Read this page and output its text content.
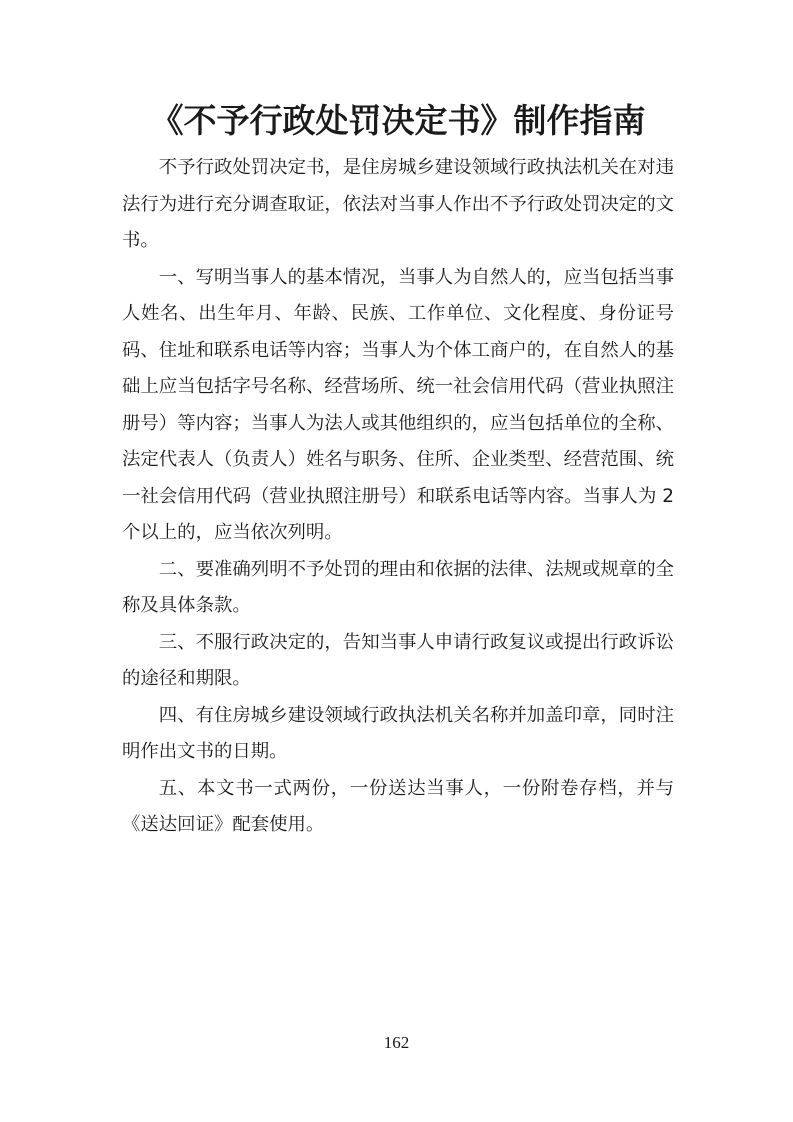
《不予行政处罚决定书》制作指南

不予行政处罚决定书，是住房城乡建设领域行政执法机关在对违法行为进行充分调查取证，依法对当事人作出不予行政处罚决定的文书。

一、写明当事人的基本情况，当事人为自然人的，应当包括当事人姓名、出生年月、年龄、民族、工作单位、文化程度、身份证号码、住址和联系电话等内容；当事人为个体工商户的，在自然人的基础上应当包括字号名称、经营场所、统一社会信用代码（营业执照注册号）等内容；当事人为法人或其他组织的，应当包括单位的全称、法定代表人（负责人）姓名与职务、住所、企业类型、经营范围、统一社会信用代码（营业执照注册号）和联系电话等内容。当事人为 2 个以上的，应当依次列明。

二、要准确列明不予处罚的理由和依据的法律、法规或规章的全称及具体条款。

三、不服行政决定的，告知当事人申请行政复议或提出行政诉讼的途径和期限。

四、有住房城乡建设领域行政执法机关名称并加盖印章，同时注明作出文书的日期。

五、本文书一式两份，一份送达当事人，一份附卷存档，并与《送达回证》配套使用。

162
